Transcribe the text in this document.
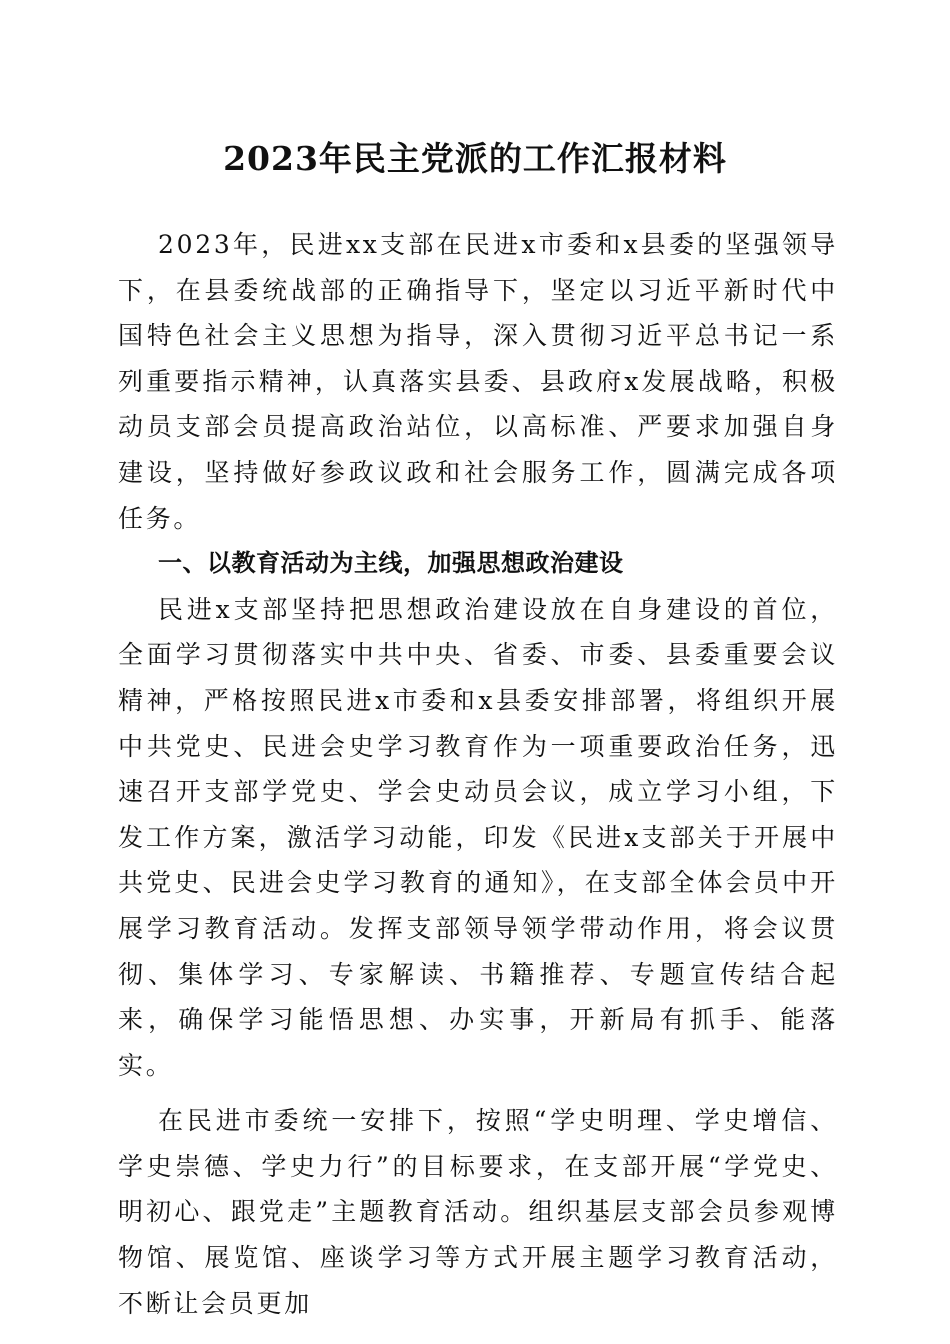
2023年民主党派的工作汇报材料

2023年，民进xx支部在民进x市委和x县委的坚强领导下，在县委统战部的正确指导下，坚定以习近平新时代中国特色社会主义思想为指导，深入贯彻习近平总书记一系列重要指示精神，认真落实县委、县政府x发展战略，积极动员支部会员提高政治站位，以高标准、严要求加强自身建设，坚持做好参政议政和社会服务工作，圆满完成各项任务。

一、以教育活动为主线，加强思想政治建设

民进x支部坚持把思想政治建设放在自身建设的首位，全面学习贯彻落实中共中央、省委、市委、县委重要会议精神，严格按照民进x市委和x县委安排部署，将组织开展中共党史、民进会史学习教育作为一项重要政治任务，迅速召开支部学党史、学会史动员会议，成立学习小组，下发工作方案，激活学习动能，印发《民进x支部关于开展中共党史、民进会史学习教育的通知》，在支部全体会员中开展学习教育活动。发挥支部领导领学带动作用，将会议贯彻、集体学习、专家解读、书籍推荐、专题宣传结合起来，确保学习能悟思想、办实事，开新局有抓手、能落实。

在民进市委统一安排下，按照“学史明理、学史增信、学史崇德、学史力行”的目标要求，在支部开展“学党史、明初心、跟党走”主题教育活动。组织基层支部会员参观博物馆、展览馆、座谈学习等方式开展主题学习教育活动，不断让会员更加
